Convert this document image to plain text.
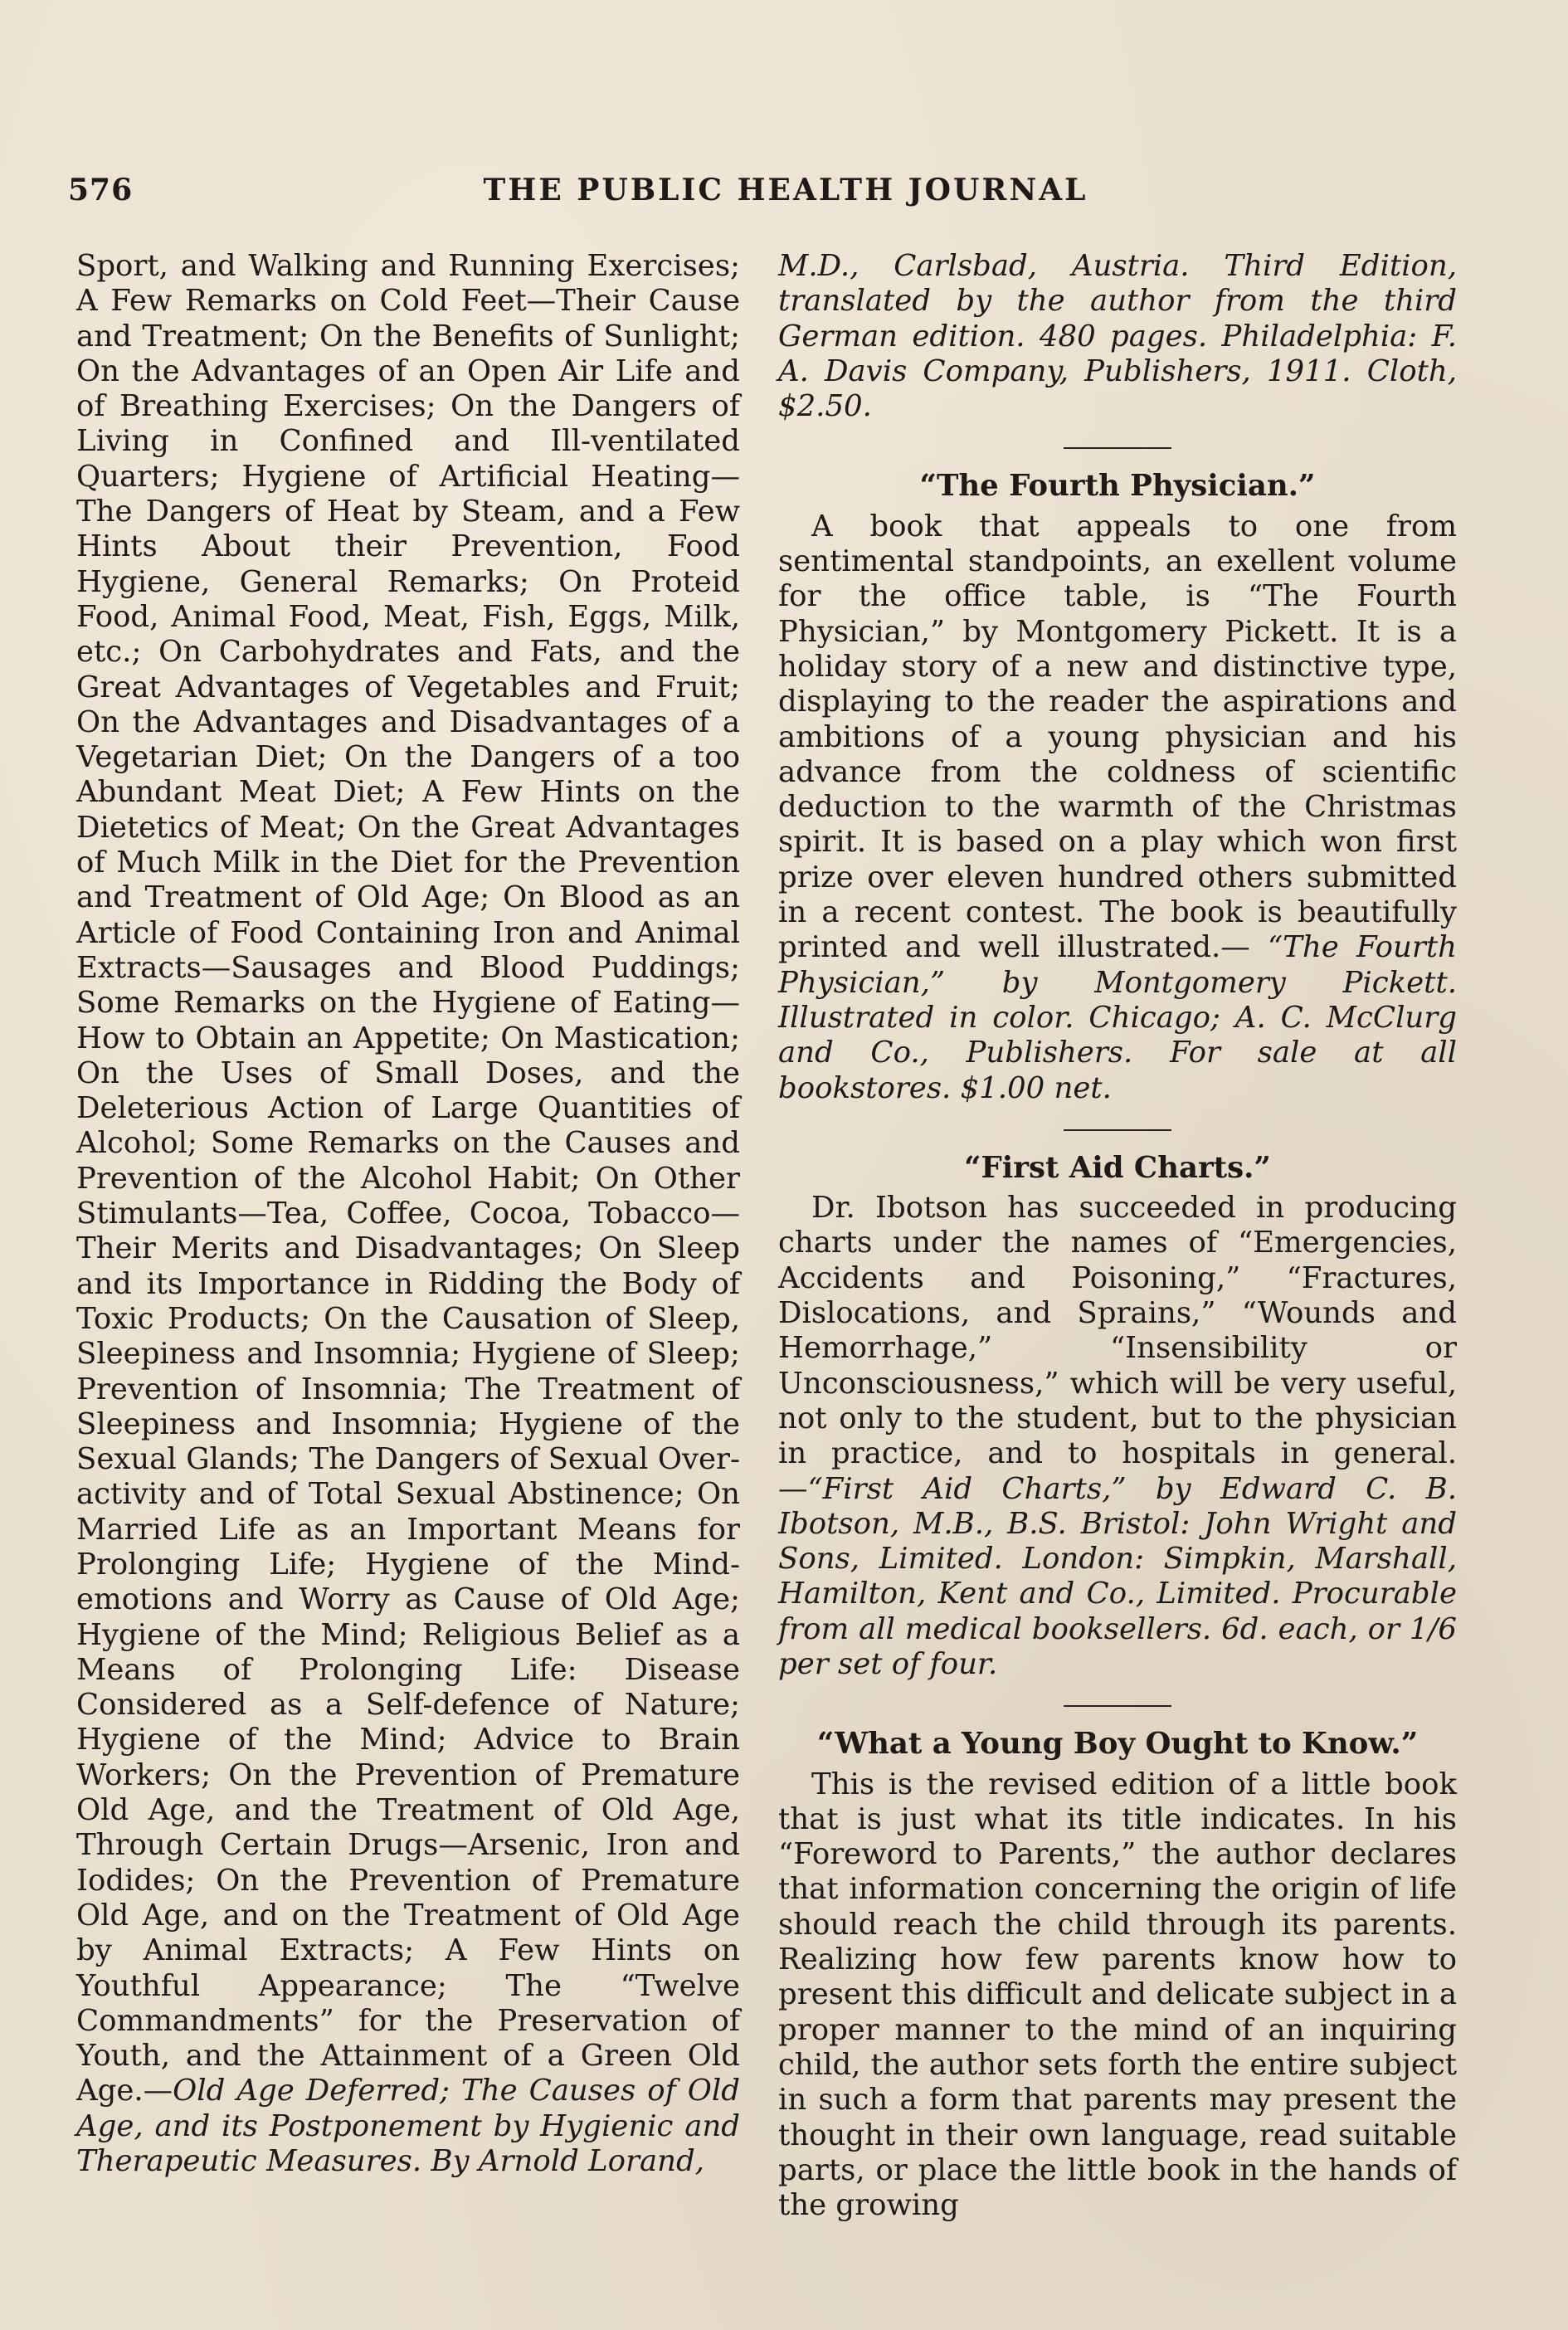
576	THE PUBLIC HEALTH JOURNAL

Sport, and Walking and Running Exercises; A Few Remarks on Cold Feet—Their Cause and Treatment; On the Benefits of Sunlight; On the Advantages of an Open Air Life and of Breathing Exercises; On the Dangers of Living in Confined and Ill-ventilated Quarters; Hygiene of Artificial Heating—The Dangers of Heat by Steam, and a Few Hints About their Prevention, Food Hygiene, General Remarks; On Proteid Food, Animal Food, Meat, Fish, Eggs, Milk, etc.; On Carbohydrates and Fats, and the Great Advantages of Vegetables and Fruit; On the Advantages and Disadvantages of a Vegetarian Diet; On the Dangers of a too Abundant Meat Diet; A Few Hints on the Dietetics of Meat; On the Great Advantages of Much Milk in the Diet for the Prevention and Treatment of Old Age; On Blood as an Article of Food Containing Iron and Animal Extracts—Sausages and Blood Puddings; Some Remarks on the Hygiene of Eating—How to Obtain an Appetite; On Mastication; On the Uses of Small Doses, and the Deleterious Action of Large Quantities of Alcohol; Some Remarks on the Causes and Prevention of the Alcohol Habit; On Other Stimulants—Tea, Coffee, Cocoa, Tobacco—Their Merits and Disadvantages; On Sleep and its Importance in Ridding the Body of Toxic Products; On the Causation of Sleep, Sleepiness and Insomnia; Hygiene of Sleep; Prevention of Insomnia; The Treatment of Sleepiness and Insomnia; Hygiene of the Sexual Glands; The Dangers of Sexual Over-activity and of Total Sexual Abstinence; On Married Life as an Important Means for Prolonging Life; Hygiene of the Mind-emotions and Worry as Cause of Old Age; Hygiene of the Mind; Religious Belief as a Means of Prolonging Life: Disease Considered as a Self-defence of Nature; Hygiene of the Mind; Advice to Brain Workers; On the Prevention of Premature Old Age, and the Treatment of Old Age, Through Certain Drugs—Arsenic, Iron and Iodides; On the Prevention of Premature Old Age, and on the Treatment of Old Age by Animal Extracts; A Few Hints on Youthful Appearance; The “Twelve Commandments” for the Preservation of Youth, and the Attainment of a Green Old Age.—Old Age Deferred; The Causes of Old Age, and its Postponement by Hygienic and Therapeutic Measures. By Arnold Lorand,

M.D., Carlsbad, Austria. Third Edition, translated by the author from the third German edition. 480 pages. Philadelphia: F. A. Davis Company, Publishers, 1911. Cloth, $2.50.

“The Fourth Physician.”

A book that appeals to one from sentimental standpoints, an exellent volume for the office table, is “The Fourth Physician,” by Montgomery Pickett. It is a holiday story of a new and distinctive type, displaying to the reader the aspirations and ambitions of a young physician and his advance from the coldness of scientific deduction to the warmth of the Christmas spirit. It is based on a play which won first prize over eleven hundred others submitted in a recent contest. The book is beautifully printed and well illustrated.— “The Fourth Physician,” by Montgomery Pickett. Illustrated in color. Chicago; A. C. McClurg and Co., Publishers. For sale at all bookstores. $1.00 net.

“First Aid Charts.”

Dr. Ibotson has succeeded in producing charts under the names of “Emergencies, Accidents and Poisoning,” “Fractures, Dislocations, and Sprains,” “Wounds and Hemorrhage,” “Insensibility or Unconsciousness,” which will be very useful, not only to the student, but to the physician in practice, and to hospitals in general.—“First Aid Charts,” by Edward C. B. Ibotson, M.B., B.S. Bristol: John Wright and Sons, Limited. London: Simpkin, Marshall, Hamilton, Kent and Co., Limited. Procurable from all medical booksellers. 6d. each, or 1/6 per set of four.

“What a Young Boy Ought to Know.”

This is the revised edition of a little book that is just what its title indicates. In his “Foreword to Parents,” the author declares that information concerning the origin of life should reach the child through its parents. Realizing how few parents know how to present this difficult and delicate subject in a proper manner to the mind of an inquiring child, the author sets forth the entire subject in such a form that parents may present the thought in their own language, read suitable parts, or place the little book in the hands of the growing
